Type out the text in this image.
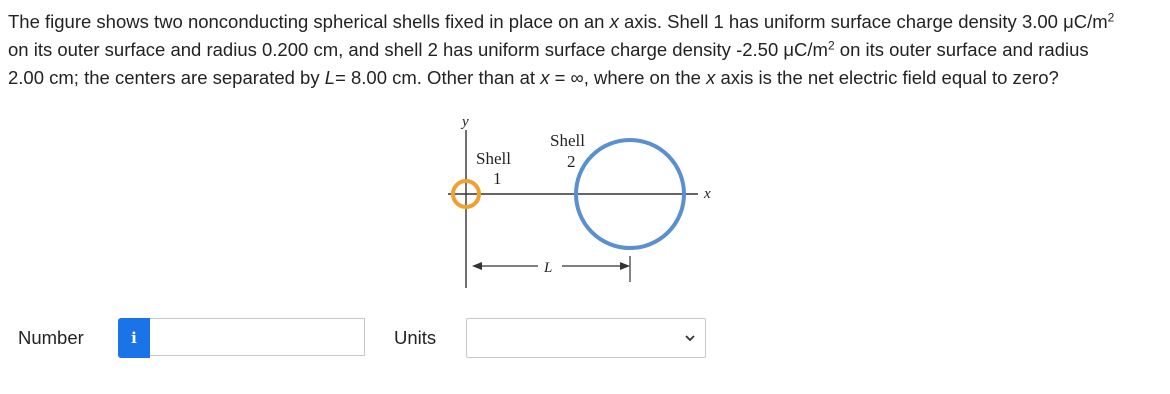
The figure shows two nonconducting spherical shells fixed in place on an x axis. Shell 1 has uniform surface charge density 3.00 $\mu C/m^2$
on its outer surface and radius 0.200 cm, and shell 2 has uniform surface charge density -2.50 $\mu C/m^2$ on its outer surface and radius
2.00 cm; the centers are separated by L= 8.00 cm. Other than at x = ∞, where on the x axis is the net electric field equal to zero?
y
x
Shell
1
Shell
2
L
Number	i	Units
